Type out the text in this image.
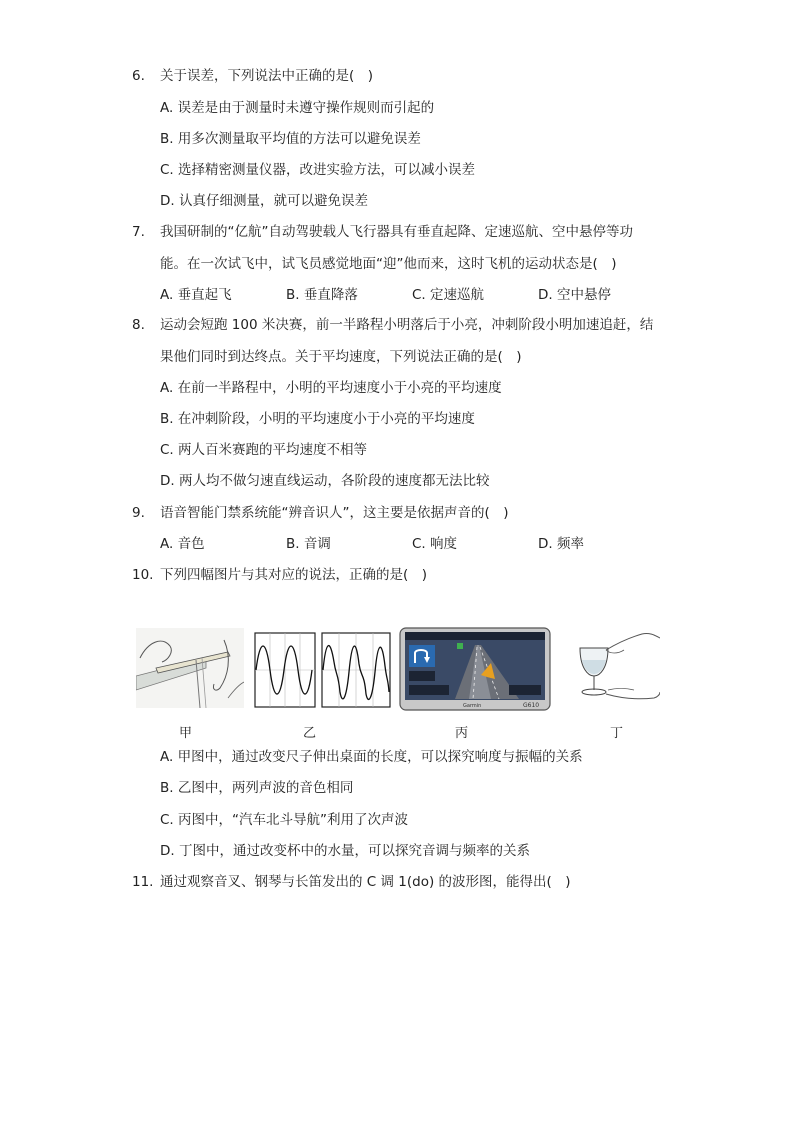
6.	关于误差，下列说法中正确的是(　)
A. 误差是由于测量时未遵守操作规则而引起的
B. 用多次测量取平均值的方法可以避免误差
C. 选择精密测量仪器，改进实验方法，可以减小误差
D. 认真仔细测量，就可以避免误差
7.	我国研制的“亿航”自动驾驶载人飞行器具有垂直起降、定速巡航、空中悬停等功
能。在一次试飞中，试飞员感觉地面“迎”他而来，这时飞机的运动状态是(　)
A. 垂直起飞	B. 垂直降落	C. 定速巡航	D. 空中悬停
8.	运动会短跑 100 米决赛，前一半路程小明落后于小亮，冲刺阶段小明加速追赶，结
果他们同时到达终点。关于平均速度，下列说法正确的是(　)
A. 在前一半路程中，小明的平均速度小于小亮的平均速度
B. 在冲刺阶段，小明的平均速度小于小亮的平均速度
C. 两人百米赛跑的平均速度不相等
D. 两人均不做匀速直线运动，各阶段的速度都无法比较
9.	语音智能门禁系统能“辨音识人”，这主要是依据声音的(　)
A. 音色	B. 音调	C. 响度	D. 频率
10. 下列四幅图片与其对应的说法，正确的是(　)
Garmin	G610
甲	乙	丙	丁
A. 甲图中，通过改变尺子伸出桌面的长度，可以探究响度与振幅的关系
B. 乙图中，两列声波的音色相同
C. 丙图中，“汽车北斗导航”利用了次声波
D. 丁图中，通过改变杯中的水量，可以探究音调与频率的关系
11. 通过观察音叉、钢琴与长笛发出的 C 调 1(do) 的波形图，能得出(　)
